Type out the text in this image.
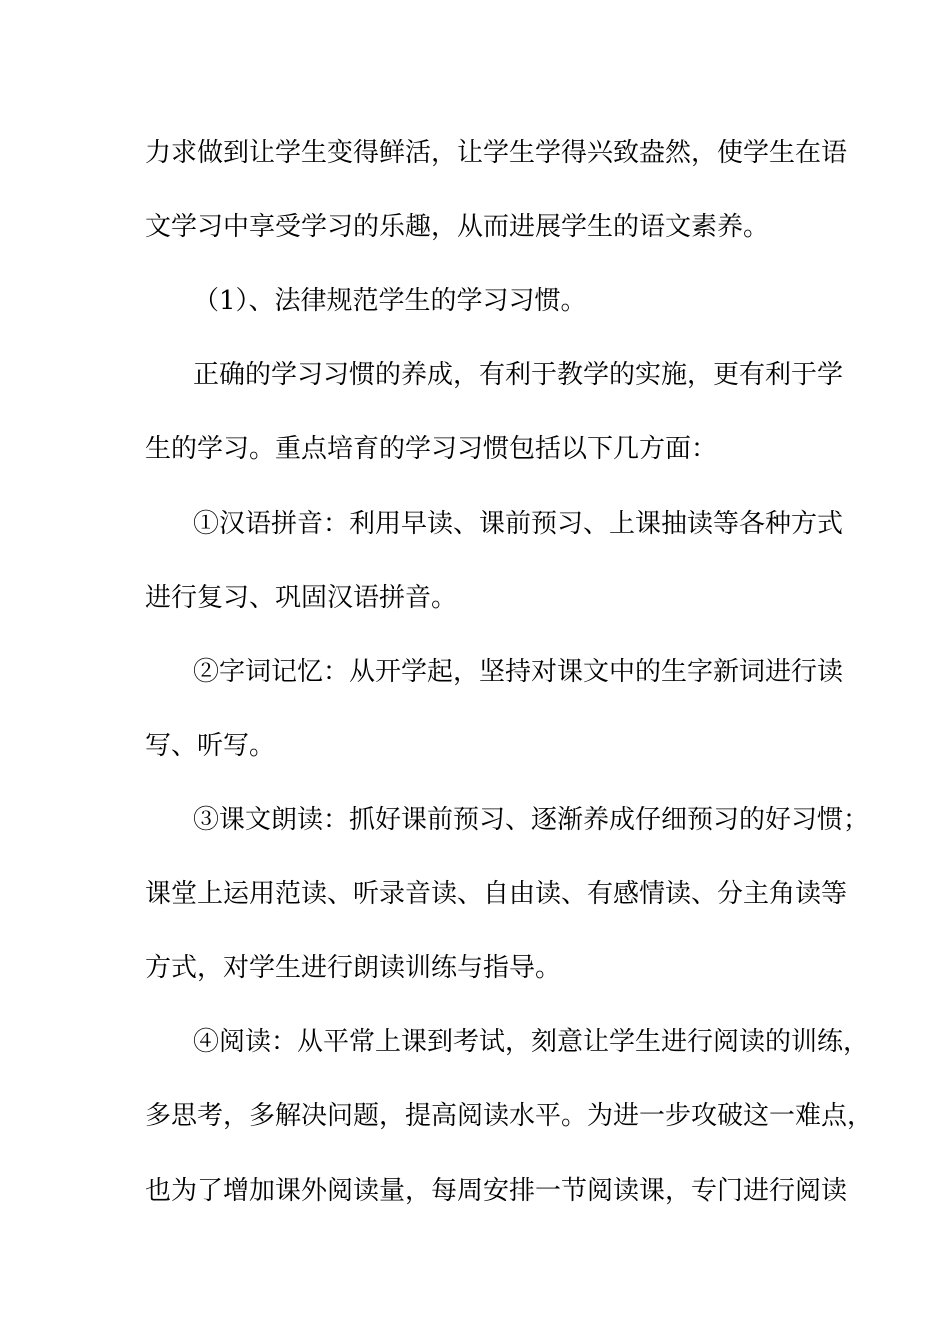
力求做到让学生变得鲜活，让学生学得兴致盎然，使学生在语
文学习中享受学习的乐趣，从而进展学生的语文素养。
（1）、法律规范学生的学习习惯。
正确的学习习惯的养成，有利于教学的实施，更有利于学
生的学习。重点培育的学习习惯包括以下几方面：
①汉语拼音：利用早读、课前预习、上课抽读等各种方式
进行复习、巩固汉语拼音。
②字词记忆：从开学起，坚持对课文中的生字新词进行读
写、听写。
③课文朗读：抓好课前预习、逐渐养成仔细预习的好习惯；
课堂上运用范读、听录音读、自由读、有感情读、分主角读等
方式，对学生进行朗读训练与指导。
④阅读：从平常上课到考试，刻意让学生进行阅读的训练，
多思考，多解决问题，提高阅读水平。为进一步攻破这一难点，
也为了增加课外阅读量，每周安排一节阅读课，专门进行阅读
